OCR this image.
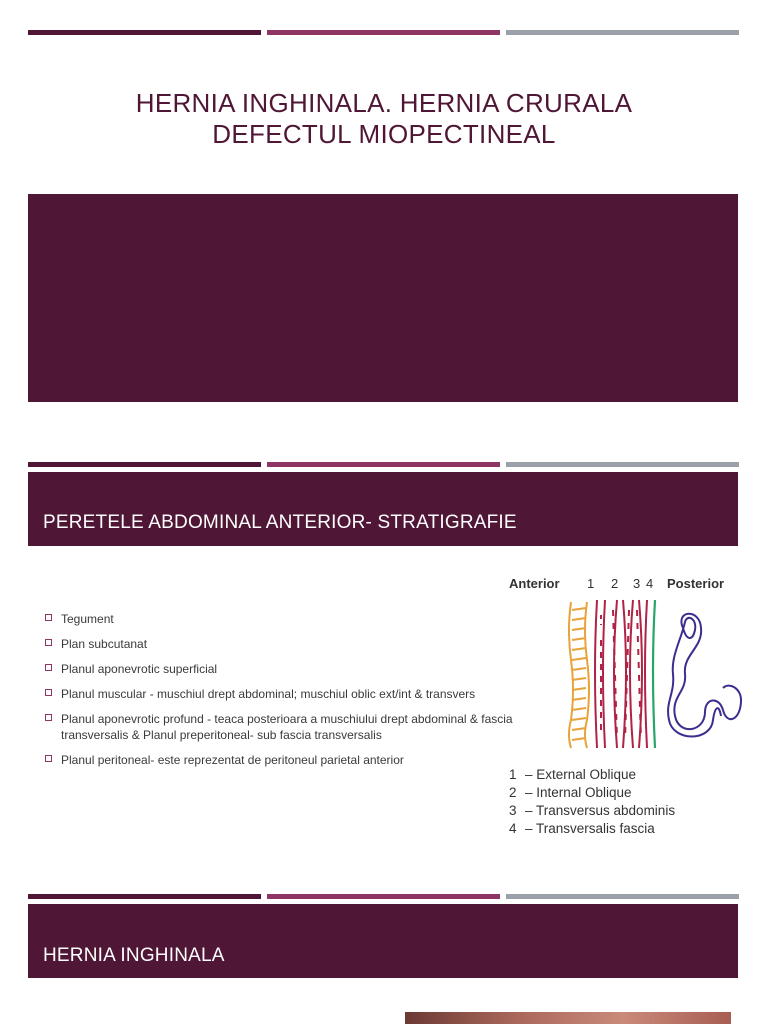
HERNIA INGHINALA. HERNIA CRURALA
DEFECTUL MIOPECTINEAL
PERETELE ABDOMINAL ANTERIOR- STRATIGRAFIE
Tegument
Plan subcutanat
Planul aponevrotic superficial
Planul muscular - muschiul drept abdominal; muschiul oblic ext/int & transvers
Planul aponevrotic profund - teaca posterioara a muschiului drept abdominal & fascia transversalis & Planul preperitoneal- sub fascia transversalis
Planul peritoneal- este reprezentat de peritoneul parietal anterior
Anterior 1 2 3 4 Posterior
1 – External Oblique
2 – Internal Oblique
3 – Transversus abdominis
4 – Transversalis fascia
HERNIA INGHINALA
